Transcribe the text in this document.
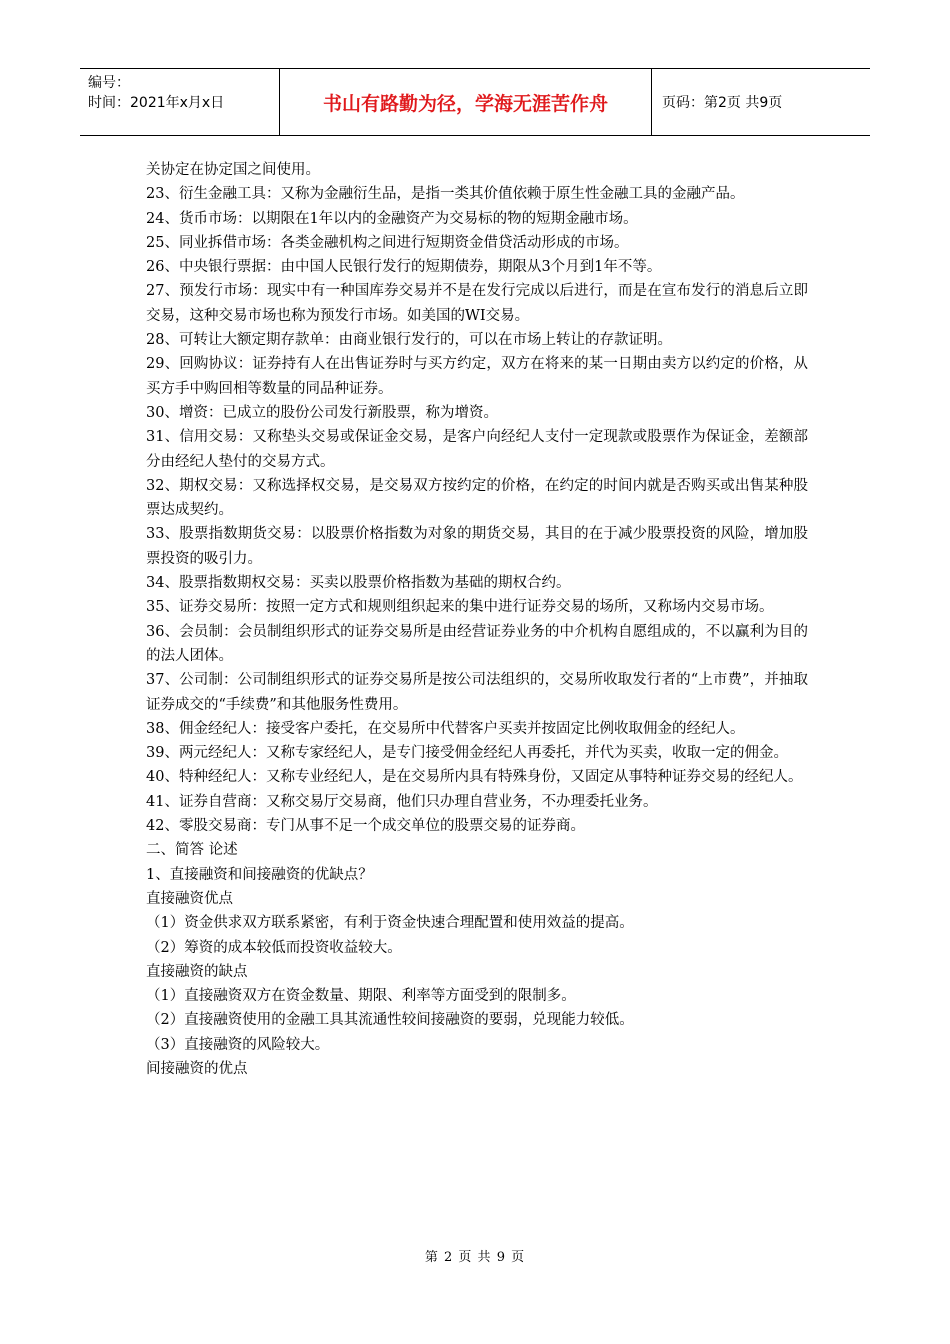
编号：
时间：2021年x月x日	书山有路勤为径，学海无涯苦作舟	页码：第2页 共9页

关协定在协定国之间使用。

23、衍生金融工具：又称为金融衍生品，是指一类其价值依赖于原生性金融工具的金融产品。

24、货币市场：以期限在1年以内的金融资产为交易标的物的短期金融市场。

25、同业拆借市场：各类金融机构之间进行短期资金借贷活动形成的市场。

26、中央银行票据：由中国人民银行发行的短期债券，期限从3个月到1年不等。

27、预发行市场：现实中有一种国库券交易并不是在发行完成以后进行，而是在宣布发行的消息后立即交易，这种交易市场也称为预发行市场。如美国的WI交易。

28、可转让大额定期存款单：由商业银行发行的，可以在市场上转让的存款证明。

29、回购协议：证券持有人在出售证券时与买方约定，双方在将来的某一日期由卖方以约定的价格，从买方手中购回相等数量的同品种证券。

30、增资：已成立的股份公司发行新股票，称为增资。

31、信用交易：又称垫头交易或保证金交易，是客户向经纪人支付一定现款或股票作为保证金，差额部分由经纪人垫付的交易方式。

32、期权交易：又称选择权交易，是交易双方按约定的价格，在约定的时间内就是否购买或出售某种股票达成契约。

33、股票指数期货交易：以股票价格指数为对象的期货交易，其目的在于减少股票投资的风险，增加股票投资的吸引力。

34、股票指数期权交易：买卖以股票价格指数为基础的期权合约。

35、证券交易所：按照一定方式和规则组织起来的集中进行证券交易的场所，又称场内交易市场。

36、会员制：会员制组织形式的证券交易所是由经营证券业务的中介机构自愿组成的，不以赢利为目的的法人团体。

37、公司制：公司制组织形式的证券交易所是按公司法组织的，交易所收取发行者的“上市费”，并抽取证券成交的“手续费”和其他服务性费用。

38、佣金经纪人：接受客户委托，在交易所中代替客户买卖并按固定比例收取佣金的经纪人。

39、两元经纪人：又称专家经纪人，是专门接受佣金经纪人再委托，并代为买卖，收取一定的佣金。

40、特种经纪人：又称专业经纪人，是在交易所内具有特殊身份，又固定从事特种证券交易的经纪人。

41、证券自营商：又称交易厅交易商，他们只办理自营业务，不办理委托业务。

42、零股交易商：专门从事不足一个成交单位的股票交易的证券商。

二、简答 论述

1、直接融资和间接融资的优缺点？

直接融资优点

（1）资金供求双方联系紧密，有利于资金快速合理配置和使用效益的提高。

（2）筹资的成本较低而投资收益较大。

直接融资的缺点

（1）直接融资双方在资金数量、期限、利率等方面受到的限制多。

（2）直接融资使用的金融工具其流通性较间接融资的要弱，兑现能力较低。

（3）直接融资的风险较大。

间接融资的优点

第 2 页 共 9 页
